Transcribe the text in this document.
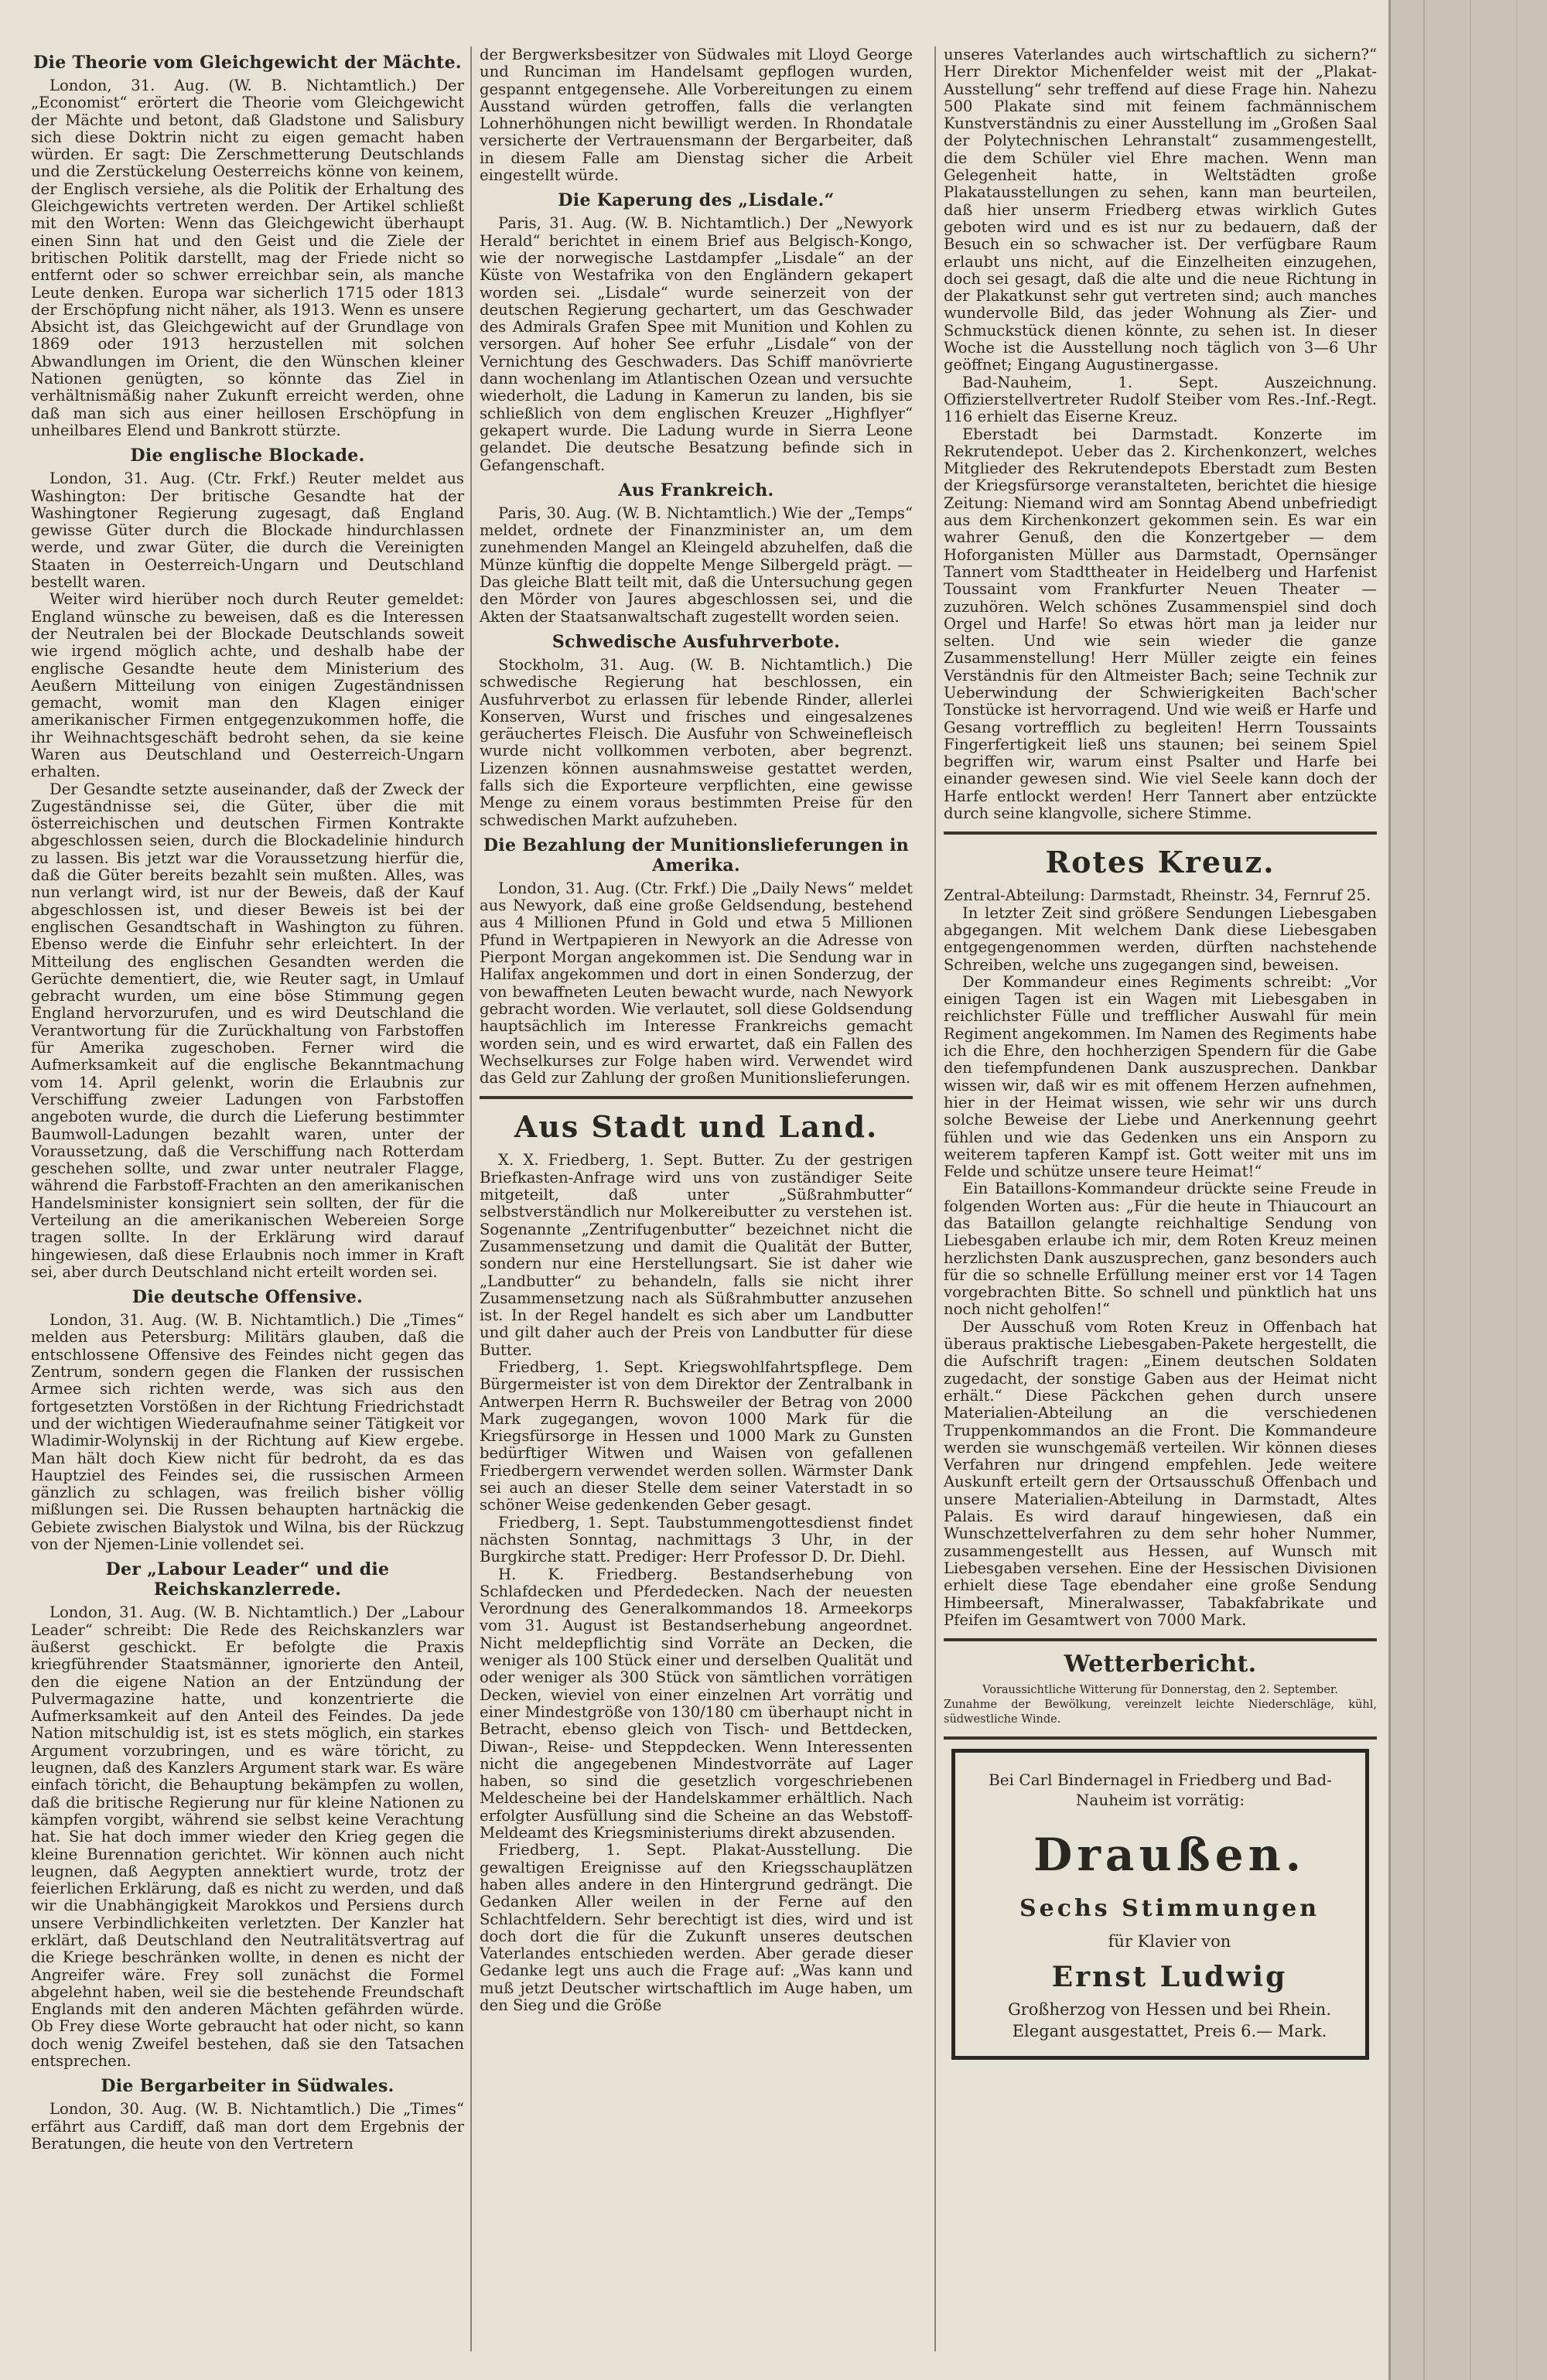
Die Theorie vom Gleichgewicht der Mächte.

London, 31. Aug. (W. B. Nichtamtlich.) Der „Economist“ erörtert die Theorie vom Gleichgewicht der Mächte und betont, daß Gladstone und Salisbury sich diese Doktrin nicht zu eigen gemacht haben würden. Er sagt: Die Zerschmetterung Deutschlands und die Zerstückelung Oesterreichs könne von keinem, der Englisch versiehe, als die Politik der Erhaltung des Gleichgewichts vertreten werden. Der Artikel schließt mit den Worten: Wenn das Gleichgewicht überhaupt einen Sinn hat und den Geist und die Ziele der britischen Politik darstellt, mag der Friede nicht so entfernt oder so schwer erreichbar sein, als manche Leute denken. Europa war sicherlich 1715 oder 1813 der Erschöpfung nicht näher, als 1913. Wenn es unsere Absicht ist, das Gleichgewicht auf der Grundlage von 1869 oder 1913 herzustellen mit solchen Abwandlungen im Orient, die den Wünschen kleiner Nationen genügten, so könnte das Ziel in verhältnismäßig naher Zukunft erreicht werden, ohne daß man sich aus einer heillosen Erschöpfung in unheilbares Elend und Bankrott stürzte.

Die englische Blockade.

London, 31. Aug. (Ctr. Frkf.) Reuter meldet aus Washington: Der britische Gesandte hat der Washingtoner Regierung zugesagt, daß England gewisse Güter durch die Blockade hindurchlassen werde, und zwar Güter, die durch die Vereinigten Staaten in Oesterreich-Ungarn und Deutschland bestellt waren.

Weiter wird hierüber noch durch Reuter gemeldet: England wünsche zu beweisen, daß es die Interessen der Neutralen bei der Blockade Deutschlands soweit wie irgend möglich achte, und deshalb habe der englische Gesandte heute dem Ministerium des Aeußern Mitteilung von einigen Zugeständnissen gemacht, womit man den Klagen einiger amerikanischer Firmen entgegenzukommen hoffe, die ihr Weihnachtsgeschäft bedroht sehen, da sie keine Waren aus Deutschland und Oesterreich-Ungarn erhalten.

Der Gesandte setzte auseinander, daß der Zweck der Zugeständnisse sei, die Güter, über die mit österreichischen und deutschen Firmen Kontrakte abgeschlossen seien, durch die Blockadelinie hindurch zu lassen. Bis jetzt war die Voraussetzung hierfür die, daß die Güter bereits bezahlt sein mußten. Alles, was nun verlangt wird, ist nur der Beweis, daß der Kauf abgeschlossen ist, und dieser Beweis ist bei der englischen Gesandtschaft in Washington zu führen. Ebenso werde die Einfuhr sehr erleichtert. In der Mitteilung des englischen Gesandten werden die Gerüchte dementiert, die, wie Reuter sagt, in Umlauf gebracht wurden, um eine böse Stimmung gegen England hervorzurufen, und es wird Deutschland die Verantwortung für die Zurückhaltung von Farbstoffen für Amerika zugeschoben. Ferner wird die Aufmerksamkeit auf die englische Bekanntmachung vom 14. April gelenkt, worin die Erlaubnis zur Verschiffung zweier Ladungen von Farbstoffen angeboten wurde, die durch die Lieferung bestimmter Baumwoll-Ladungen bezahlt waren, unter der Voraussetzung, daß die Verschiffung nach Rotterdam geschehen sollte, und zwar unter neutraler Flagge, während die Farbstoff-Frachten an den amerikanischen Handelsminister konsigniert sein sollten, der für die Verteilung an die amerikanischen Webereien Sorge tragen sollte. In der Erklärung wird darauf hingewiesen, daß diese Erlaubnis noch immer in Kraft sei, aber durch Deutschland nicht erteilt worden sei.

Die deutsche Offensive.

London, 31. Aug. (W. B. Nichtamtlich.) Die „Times“ melden aus Petersburg: Militärs glauben, daß die entschlossene Offensive des Feindes nicht gegen das Zentrum, sondern gegen die Flanken der russischen Armee sich richten werde, was sich aus den fortgesetzten Vorstößen in der Richtung Friedrichstadt und der wichtigen Wiederaufnahme seiner Tätigkeit vor Wladimir-Wolynskij in der Richtung auf Kiew ergebe. Man hält doch Kiew nicht für bedroht, da es das Hauptziel des Feindes sei, die russischen Armeen gänzlich zu schlagen, was freilich bisher völlig mißlungen sei. Die Russen behaupten hartnäckig die Gebiete zwischen Bialystok und Wilna, bis der Rückzug von der Njemen-Linie vollendet sei.

Der „Labour Leader“ und die Reichskanzlerrede.

London, 31. Aug. (W. B. Nichtamtlich.) Der „Labour Leader“ schreibt: Die Rede des Reichskanzlers war äußerst geschickt. Er befolgte die Praxis kriegführender Staatsmänner, ignorierte den Anteil, den die eigene Nation an der Entzündung der Pulvermagazine hatte, und konzentrierte die Aufmerksamkeit auf den Anteil des Feindes. Da jede Nation mitschuldig ist, ist es stets möglich, ein starkes Argument vorzubringen, und es wäre töricht, zu leugnen, daß des Kanzlers Argument stark war. Es wäre einfach töricht, die Behauptung bekämpfen zu wollen, daß die britische Regierung nur für kleine Nationen zu kämpfen vorgibt, während sie selbst keine Verachtung hat. Sie hat doch immer wieder den Krieg gegen die kleine Burennation gerichtet. Wir können auch nicht leugnen, daß Aegypten annektiert wurde, trotz der feierlichen Erklärung, daß es nicht zu werden, und daß wir die Unabhängigkeit Marokkos und Persiens durch unsere Verbindlichkeiten verletzten. Der Kanzler hat erklärt, daß Deutschland den Neutralitätsvertrag auf die Kriege beschränken wollte, in denen es nicht der Angreifer wäre. Frey soll zunächst die Formel abgelehnt haben, weil sie die bestehende Freundschaft Englands mit den anderen Mächten gefährden würde. Ob Frey diese Worte gebraucht hat oder nicht, so kann doch wenig Zweifel bestehen, daß sie den Tatsachen entsprechen.

Die Bergarbeiter in Südwales.

London, 30. Aug. (W. B. Nichtamtlich.) Die „Times“ erfährt aus Cardiff, daß man dort dem Ergebnis der Beratungen, die heute von den Vertretern

der Bergwerksbesitzer von Südwales mit Lloyd George und Runciman im Handelsamt gepflogen wurden, gespannt entgegensehe. Alle Vorbereitungen zu einem Ausstand würden getroffen, falls die verlangten Lohnerhöhungen nicht bewilligt werden. In Rhondatale versicherte der Vertrauensmann der Bergarbeiter, daß in diesem Falle am Dienstag sicher die Arbeit eingestellt würde.

Die Kaperung des „Lisdale.“

Paris, 31. Aug. (W. B. Nichtamtlich.) Der „Newyork Herald“ berichtet in einem Brief aus Belgisch-Kongo, wie der norwegische Lastdampfer „Lisdale“ an der Küste von Westafrika von den Engländern gekapert worden sei. „Lisdale“ wurde seinerzeit von der deutschen Regierung gechartert, um das Geschwader des Admirals Grafen Spee mit Munition und Kohlen zu versorgen. Auf hoher See erfuhr „Lisdale“ von der Vernichtung des Geschwaders. Das Schiff manövrierte dann wochenlang im Atlantischen Ozean und versuchte wiederholt, die Ladung in Kamerun zu landen, bis sie schließlich von dem englischen Kreuzer „Highflyer“ gekapert wurde. Die Ladung wurde in Sierra Leone gelandet. Die deutsche Besatzung befinde sich in Gefangenschaft.

Aus Frankreich.

Paris, 30. Aug. (W. B. Nichtamtlich.) Wie der „Temps“ meldet, ordnete der Finanzminister an, um dem zunehmenden Mangel an Kleingeld abzuhelfen, daß die Münze künftig die doppelte Menge Silbergeld prägt. — Das gleiche Blatt teilt mit, daß die Untersuchung gegen den Mörder von Jaures abgeschlossen sei, und die Akten der Staatsanwaltschaft zugestellt worden seien.

Schwedische Ausfuhrverbote.

Stockholm, 31. Aug. (W. B. Nichtamtlich.) Die schwedische Regierung hat beschlossen, ein Ausfuhrverbot zu erlassen für lebende Rinder, allerlei Konserven, Wurst und frisches und eingesalzenes geräuchertes Fleisch. Die Ausfuhr von Schweinefleisch wurde nicht vollkommen verboten, aber begrenzt. Lizenzen können ausnahmsweise gestattet werden, falls sich die Exporteure verpflichten, eine gewisse Menge zu einem voraus bestimmten Preise für den schwedischen Markt aufzuheben.

Die Bezahlung der Munitionslieferungen in Amerika.

London, 31. Aug. (Ctr. Frkf.) Die „Daily News“ meldet aus Newyork, daß eine große Geldsendung, bestehend aus 4 Millionen Pfund in Gold und etwa 5 Millionen Pfund in Wertpapieren in Newyork an die Adresse von Pierpont Morgan angekommen ist. Die Sendung war in Halifax angekommen und dort in einen Sonderzug, der von bewaffneten Leuten bewacht wurde, nach Newyork gebracht worden. Wie verlautet, soll diese Goldsendung hauptsächlich im Interesse Frankreichs gemacht worden sein, und es wird erwartet, daß ein Fallen des Wechselkurses zur Folge haben wird. Verwendet wird das Geld zur Zahlung der großen Munitionslieferungen.

Aus Stadt und Land.

X. X. Friedberg, 1. Sept. Butter. Zu der gestrigen Briefkasten-Anfrage wird uns von zuständiger Seite mitgeteilt, daß unter „Süßrahmbutter“ selbstverständlich nur Molkereibutter zu verstehen ist. Sogenannte „Zentrifugenbutter“ bezeichnet nicht die Zusammensetzung und damit die Qualität der Butter, sondern nur eine Herstellungsart. Sie ist daher wie „Landbutter“ zu behandeln, falls sie nicht ihrer Zusammensetzung nach als Süßrahmbutter anzusehen ist. In der Regel handelt es sich aber um Landbutter und gilt daher auch der Preis von Landbutter für diese Butter.

Friedberg, 1. Sept. Kriegswohlfahrtspflege. Dem Bürgermeister ist von dem Direktor der Zentralbank in Antwerpen Herrn R. Buchsweiler der Betrag von 2000 Mark zugegangen, wovon 1000 Mark für die Kriegsfürsorge in Hessen und 1000 Mark zu Gunsten bedürftiger Witwen und Waisen von gefallenen Friedbergern verwendet werden sollen. Wärmster Dank sei auch an dieser Stelle dem seiner Vaterstadt in so schöner Weise gedenkenden Geber gesagt.

Friedberg, 1. Sept. Taubstummengottesdienst findet nächsten Sonntag, nachmittags 3 Uhr, in der Burgkirche statt. Prediger: Herr Professor D. Dr. Diehl.

H. K. Friedberg. Bestandserhebung von Schlafdecken und Pferdedecken. Nach der neuesten Verordnung des Generalkommandos 18. Armeekorps vom 31. August ist Bestandserhebung angeordnet. Nicht meldepflichtig sind Vorräte an Decken, die weniger als 100 Stück einer und derselben Qualität und oder weniger als 300 Stück von sämtlichen vorrätigen Decken, wieviel von einer einzelnen Art vorrätig und einer Mindestgröße von 130/180 cm überhaupt nicht in Betracht, ebenso gleich von Tisch- und Bettdecken, Diwan-, Reise- und Steppdecken. Wenn Interessenten nicht die angegebenen Mindestvorräte auf Lager haben, so sind die gesetzlich vorgeschriebenen Meldescheine bei der Handelskammer erhältlich. Nach erfolgter Ausfüllung sind die Scheine an das Webstoff-Meldeamt des Kriegsministeriums direkt abzusenden.

Friedberg, 1. Sept. Plakat-Ausstellung. Die gewaltigen Ereignisse auf den Kriegsschauplätzen haben alles andere in den Hintergrund gedrängt. Die Gedanken Aller weilen in der Ferne auf den Schlachtfeldern. Sehr berechtigt ist dies, wird und ist doch dort die für die Zukunft unseres deutschen Vaterlandes entschieden werden. Aber gerade dieser Gedanke legt uns auch die Frage auf: „Was kann und muß jetzt Deutscher wirtschaftlich im Auge haben, um den Sieg und die Größe

unseres Vaterlandes auch wirtschaftlich zu sichern?“ Herr Direktor Michenfelder weist mit der „Plakat-Ausstellung“ sehr treffend auf diese Frage hin. Nahezu 500 Plakate sind mit feinem fachmännischem Kunstverständnis zu einer Ausstellung im „Großen Saal der Polytechnischen Lehranstalt“ zusammengestellt, die dem Schüler viel Ehre machen. Wenn man Gelegenheit hatte, in Weltstädten große Plakatausstellungen zu sehen, kann man beurteilen, daß hier unserm Friedberg etwas wirklich Gutes geboten wird und es ist nur zu bedauern, daß der Besuch ein so schwacher ist. Der verfügbare Raum erlaubt uns nicht, auf die Einzelheiten einzugehen, doch sei gesagt, daß die alte und die neue Richtung in der Plakatkunst sehr gut vertreten sind; auch manches wundervolle Bild, das jeder Wohnung als Zier- und Schmuckstück dienen könnte, zu sehen ist. In dieser Woche ist die Ausstellung noch täglich von 3—6 Uhr geöffnet; Eingang Augustinergasse.

Bad-Nauheim, 1. Sept. Auszeichnung. Offizierstellvertreter Rudolf Steiber vom Res.-Inf.-Regt. 116 erhielt das Eiserne Kreuz.

Eberstadt bei Darmstadt. Konzerte im Rekrutendepot. Ueber das 2. Kirchenkonzert, welches Mitglieder des Rekrutendepots Eberstadt zum Besten der Kriegsfürsorge veranstalteten, berichtet die hiesige Zeitung: Niemand wird am Sonntag Abend unbefriedigt aus dem Kirchenkonzert gekommen sein. Es war ein wahrer Genuß, den die Konzertgeber — dem Hoforganisten Müller aus Darmstadt, Opernsänger Tannert vom Stadttheater in Heidelberg und Harfenist Toussaint vom Frankfurter Neuen Theater — zuzuhören. Welch schönes Zusammenspiel sind doch Orgel und Harfe! So etwas hört man ja leider nur selten. Und wie sein wieder die ganze Zusammenstellung! Herr Müller zeigte ein feines Verständnis für den Altmeister Bach; seine Technik zur Ueberwindung der Schwierigkeiten Bach'scher Tonstücke ist hervorragend. Und wie weiß er Harfe und Gesang vortrefflich zu begleiten! Herrn Toussaints Fingerfertigkeit ließ uns staunen; bei seinem Spiel begriffen wir, warum einst Psalter und Harfe bei einander gewesen sind. Wie viel Seele kann doch der Harfe entlockt werden! Herr Tannert aber entzückte durch seine klangvolle, sichere Stimme.

Rotes Kreuz.

Zentral-Abteilung: Darmstadt, Rheinstr. 34, Fernruf 25.

In letzter Zeit sind größere Sendungen Liebesgaben abgegangen. Mit welchem Dank diese Liebesgaben entgegengenommen werden, dürften nachstehende Schreiben, welche uns zugegangen sind, beweisen.

Der Kommandeur eines Regiments schreibt: „Vor einigen Tagen ist ein Wagen mit Liebesgaben in reichlichster Fülle und trefflicher Auswahl für mein Regiment angekommen. Im Namen des Regiments habe ich die Ehre, den hochherzigen Spendern für die Gabe den tiefempfundenen Dank auszusprechen. Dankbar wissen wir, daß wir es mit offenem Herzen aufnehmen, hier in der Heimat wissen, wie sehr wir uns durch solche Beweise der Liebe und Anerkennung geehrt fühlen und wie das Gedenken uns ein Ansporn zu weiterem tapferen Kampf ist. Gott weiter mit uns im Felde und schütze unsere teure Heimat!“

Ein Bataillons-Kommandeur drückte seine Freude in folgenden Worten aus: „Für die heute in Thiaucourt an das Bataillon gelangte reichhaltige Sendung von Liebesgaben erlaube ich mir, dem Roten Kreuz meinen herzlichsten Dank auszusprechen, ganz besonders auch für die so schnelle Erfüllung meiner erst vor 14 Tagen vorgebrachten Bitte. So schnell und pünktlich hat uns noch nicht geholfen!“

Der Ausschuß vom Roten Kreuz in Offenbach hat überaus praktische Liebesgaben-Pakete hergestellt, die die Aufschrift tragen: „Einem deutschen Soldaten zugedacht, der sonstige Gaben aus der Heimat nicht erhält.“ Diese Päckchen gehen durch unsere Materialien-Abteilung an die verschiedenen Truppenkommandos an die Front. Die Kommandeure werden sie wunschgemäß verteilen. Wir können dieses Verfahren nur dringend empfehlen. Jede weitere Auskunft erteilt gern der Ortsausschuß Offenbach und unsere Materialien-Abteilung in Darmstadt, Altes Palais. Es wird darauf hingewiesen, daß ein Wunschzettelverfahren zu dem sehr hoher Nummer, zusammengestellt aus Hessen, auf Wunsch mit Liebesgaben versehen. Eine der Hessischen Divisionen erhielt diese Tage ebendaher eine große Sendung Himbeersaft, Mineralwasser, Tabakfabrikate und Pfeifen im Gesamtwert von 7000 Mark.

Wetterbericht.

Voraussichtliche Witterung für Donnerstag, den 2. September.

Zunahme der Bewölkung, vereinzelt leichte Niederschläge, kühl, südwestliche Winde.

Bei Carl Bindernagel in Friedberg und Bad-Nauheim ist vorrätig:

Draußen.

Sechs Stimmungen

für Klavier von

Ernst Ludwig

Großherzog von Hessen und bei Rhein.

Elegant ausgestattet, Preis 6.— Mark.
